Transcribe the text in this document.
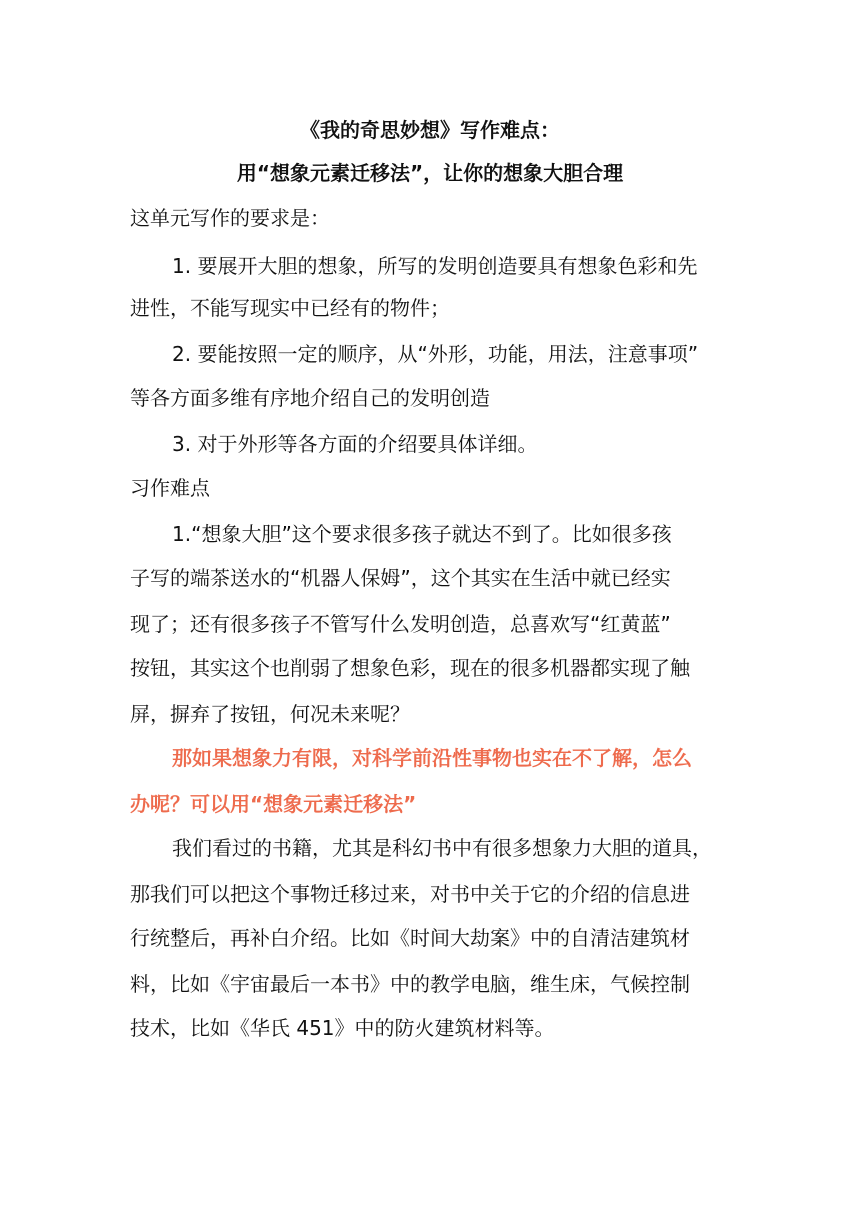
《我的奇思妙想》写作难点：
用“想象元素迁移法”，让你的想象大胆合理
这单元写作的要求是：
1. 要展开大胆的想象，所写的发明创造要具有想象色彩和先
进性，不能写现实中已经有的物件；
2. 要能按照一定的顺序，从“外形，功能，用法，注意事项”
等各方面多维有序地介绍自己的发明创造
3. 对于外形等各方面的介绍要具体详细。
习作难点
1.“想象大胆”这个要求很多孩子就达不到了。比如很多孩
子写的端茶送水的“机器人保姆”，这个其实在生活中就已经实
现了；还有很多孩子不管写什么发明创造，总喜欢写“红黄蓝”
按钮，其实这个也削弱了想象色彩，现在的很多机器都实现了触
屏，摒弃了按钮，何况未来呢？
那如果想象力有限，对科学前沿性事物也实在不了解，怎么
办呢？可以用“想象元素迁移法”
我们看过的书籍，尤其是科幻书中有很多想象力大胆的道具，
那我们可以把这个事物迁移过来，对书中关于它的介绍的信息进
行统整后，再补白介绍。比如《时间大劫案》中的自清洁建筑材
料，比如《宇宙最后一本书》中的教学电脑，维生床，气候控制
技术，比如《华氏 451》中的防火建筑材料等。
